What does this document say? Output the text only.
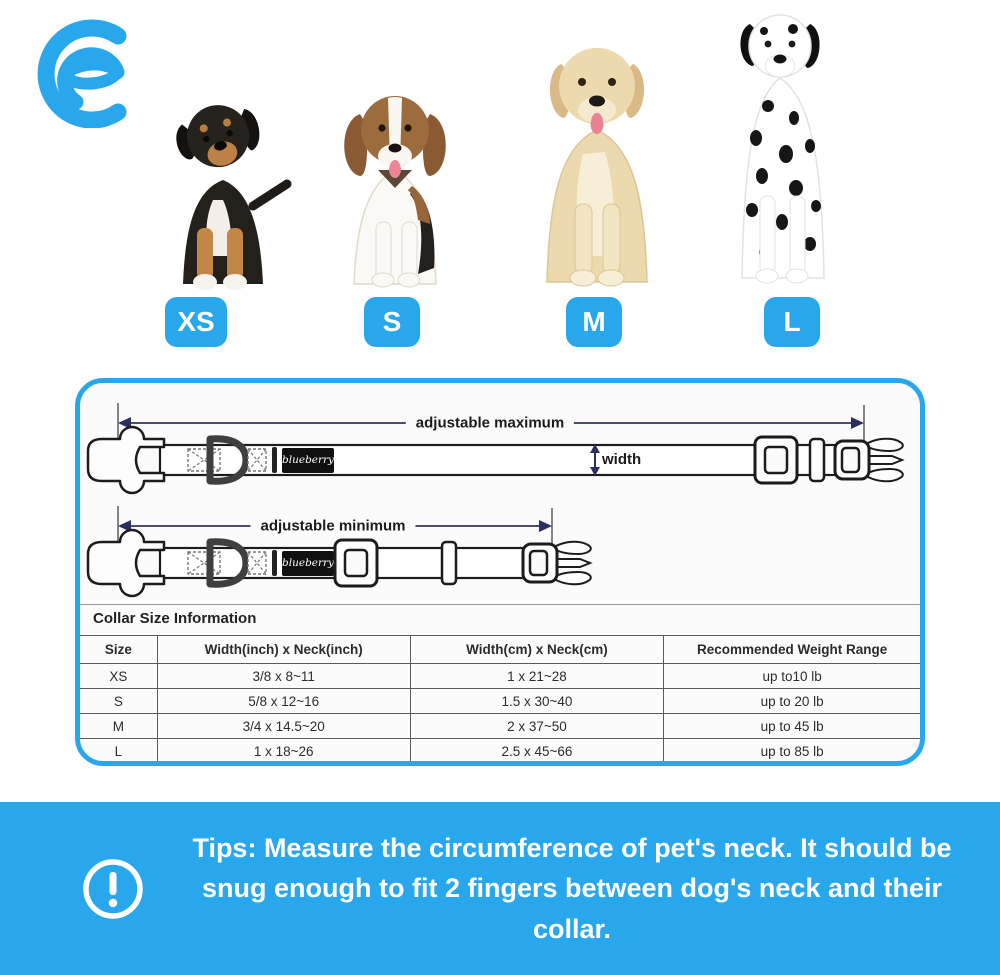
XS	S	M	L
adjustable maximum
adjustable minimum
width
Collar Size Information
Size	Width(inch) x Neck(inch)	Width(cm) x Neck(cm)	Recommended Weight Range
XS	3/8 x 8~11	1 x 21~28	up to10 lb
S	5/8 x 12~16	1.5 x 30~40	up to 20 lb
M	3/4 x 14.5~20	2 x 37~50	up to 45 lb
L	1 x 18~26	2.5 x 45~66	up to 85 lb
Tips: Measure the circumference of pet's neck. It should be snug enough to fit 2 fingers between dog's neck and their collar.
